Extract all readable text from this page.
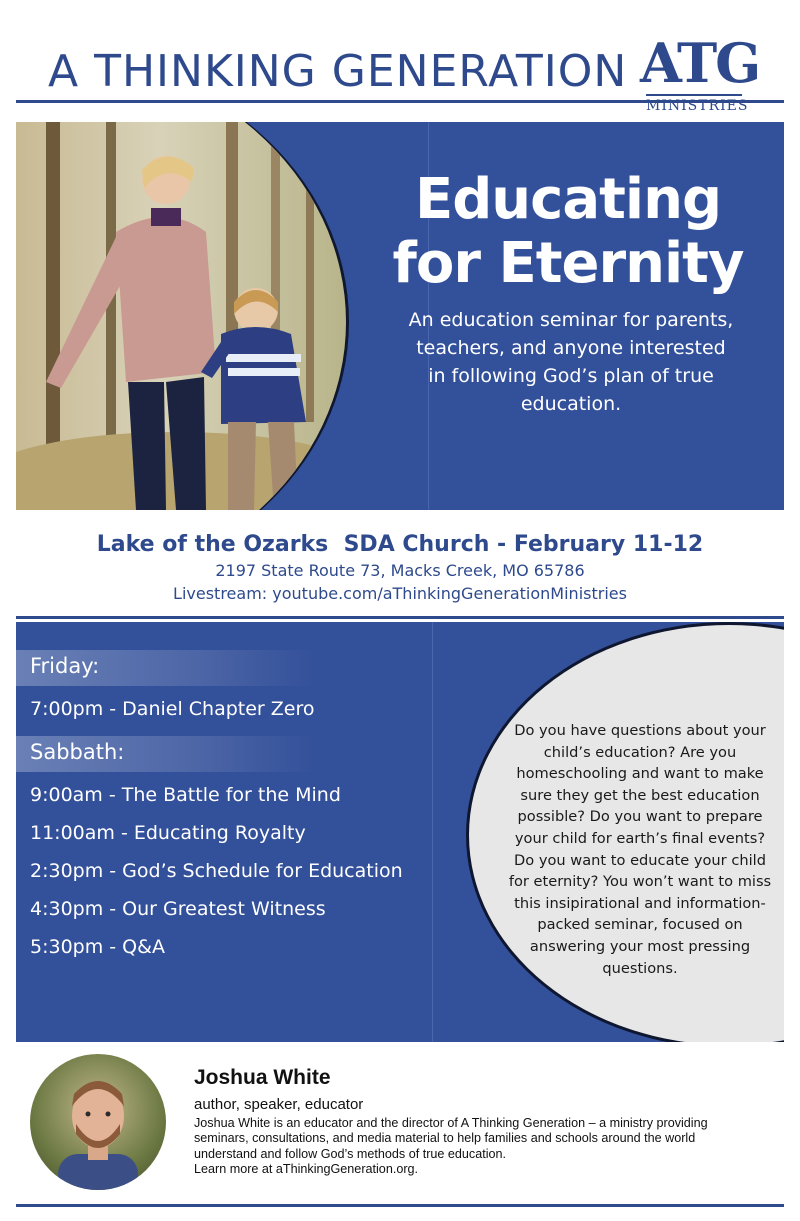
A THINKING GENERATION ATG
MINISTRIES
Educating
for Eternity
An education seminar for parents, teachers, and anyone interested in following God’s plan of true education.
Lake of the Ozarks  SDA Church - February 11-12
2197 State Route 73, Macks Creek, MO 65786
Livestream: youtube.com/aThinkingGenerationMinistries
Friday:
7:00pm - Daniel Chapter Zero
Sabbath:
9:00am - The Battle for the Mind
11:00am - Educating Royalty
2:30pm - God’s Schedule for Education
4:30pm - Our Greatest Witness
5:30pm - Q&A
Do you have questions about your child’s education? Are you homeschooling and want to make sure they get the best education possible? Do you want to prepare your child for earth’s final events? Do you want to educate your child for eternity? You won’t want to miss this insipirational and information-packed seminar, focused on answering your most pressing questions.
Joshua White
author, speaker, educator
Joshua White is an educator and the director of A Thinking Generation – a ministry providing seminars, consultations, and media material to help families and schools around the world understand and follow God’s methods of true education.
Learn more at aThinkingGeneration.org.
